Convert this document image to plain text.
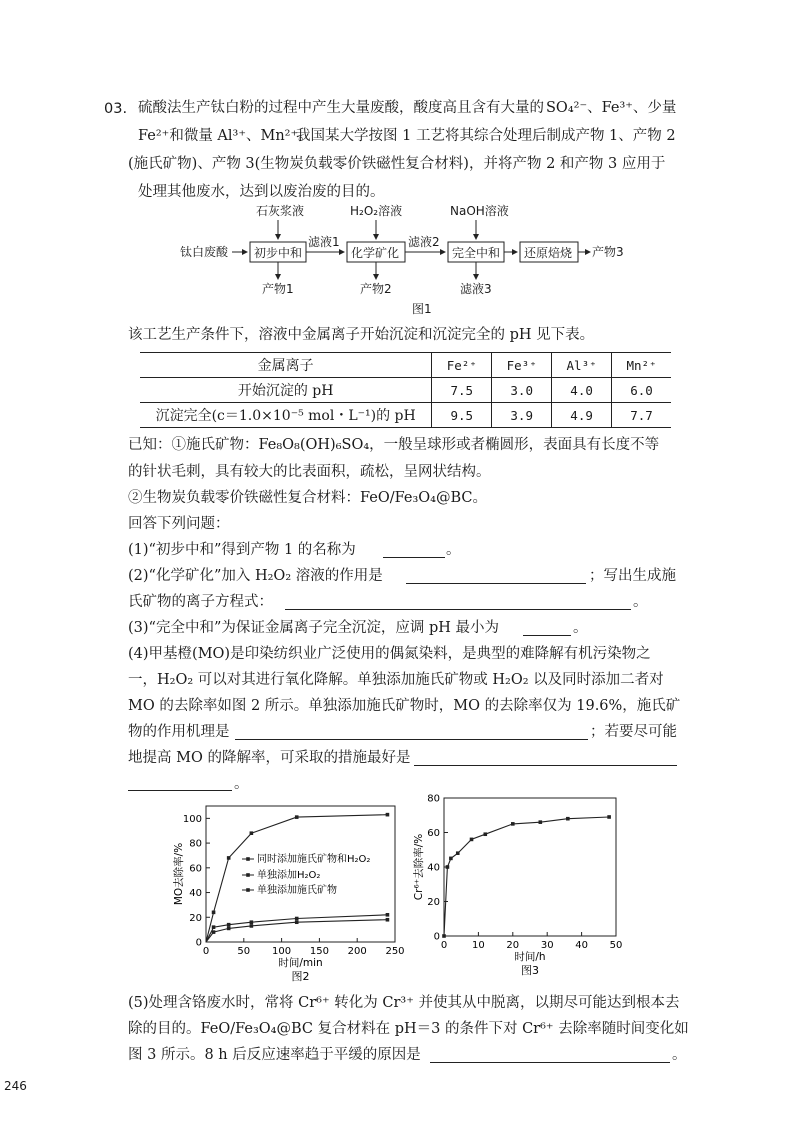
03. 硫酸法生产钛白粉的过程中产生大量废酸，酸度高且含有大量的 SO₄²⁻、Fe³⁺、少量
Fe²⁺和微量 Al³⁺、Mn²⁺。
我国某大学按图 1 工艺将其综合处理后制成产物 1、产物 2
(施氏矿物)、产物 3(生物炭负载零价铁磁性复合材料)，并将产物 2 和产物 3 应用于
处理其他废水，达到以废治废的目的。
钛白废酸 初步中和
滤液1
化学矿化
滤液2
完全中和 还原焙烧 产物3
石灰浆液	H₂O₂溶液	NaOH溶液
产物1	产物2	滤液3
图1
该工艺生产条件下，溶液中金属离子开始沉淀和沉淀完全的 pH 见下表。
金属离子	Fe²⁺	Fe³⁺	Al³⁺	Mn²⁺
开始沉淀的 pH	7.5	3.0	4.0	6.0
沉淀完全(c＝1.0×10⁻⁵ mol・L⁻¹)的 pH	9.5	3.9	4.9	7.7
已知：①施氏矿物：Fe₈O₈(OH)₆SO₄，一般呈球形或者椭圆形，表面具有长度不等
的针状毛刺，具有较大的比表面积，疏松，呈网状结构。
②生物炭负载零价铁磁性复合材料：FeO/Fe₃O₄@BC。
回答下列问题：
(1)“初步中和”得到产物 1 的名称为	。
(2)“化学矿化”加入 H₂O₂ 溶液的作用是	；写出生成施
氏矿物的离子方程式：	。
(3)“完全中和”为保证金属离子完全沉淀，应调 pH 最小为	。
(4)甲基橙(MO)是印染纺织业广泛使用的偶氮染料，是典型的难降解有机污染物之
一，H₂O₂ 可以对其进行氧化降解。单独添加施氏矿物或 H₂O₂ 以及同时添加二者对
MO 的去除率如图 2 所示。单独添加施氏矿物时，MO 的去除率仅为 19.6%，施氏矿
物的作用机理是	；若要尽可能
地提高 MO 的降解率，可采取的措施最好是
。
0	50 100 150 200 250
0
20
40
60
80
100
时间/min
MO去除率/%
图2
同时添加施氏矿物和H₂O₂
单独添加H₂O₂
单独添加施氏矿物
0 10 20 30 40 50
0
20
40
60
80
时间/h
Cr⁶⁺去除率/%
图3
(5)处理含铬废水时，常将 Cr⁶⁺ 转化为 Cr³⁺ 并使其从中脱离，以期尽可能达到根本去
除的目的。FeO/Fe₃O₄@BC 复合材料在 pH＝3 的条件下对 Cr⁶⁺ 去除率随时间变化如
图 3 所示。8 h 后反应速率趋于平缓的原因是	。
246
